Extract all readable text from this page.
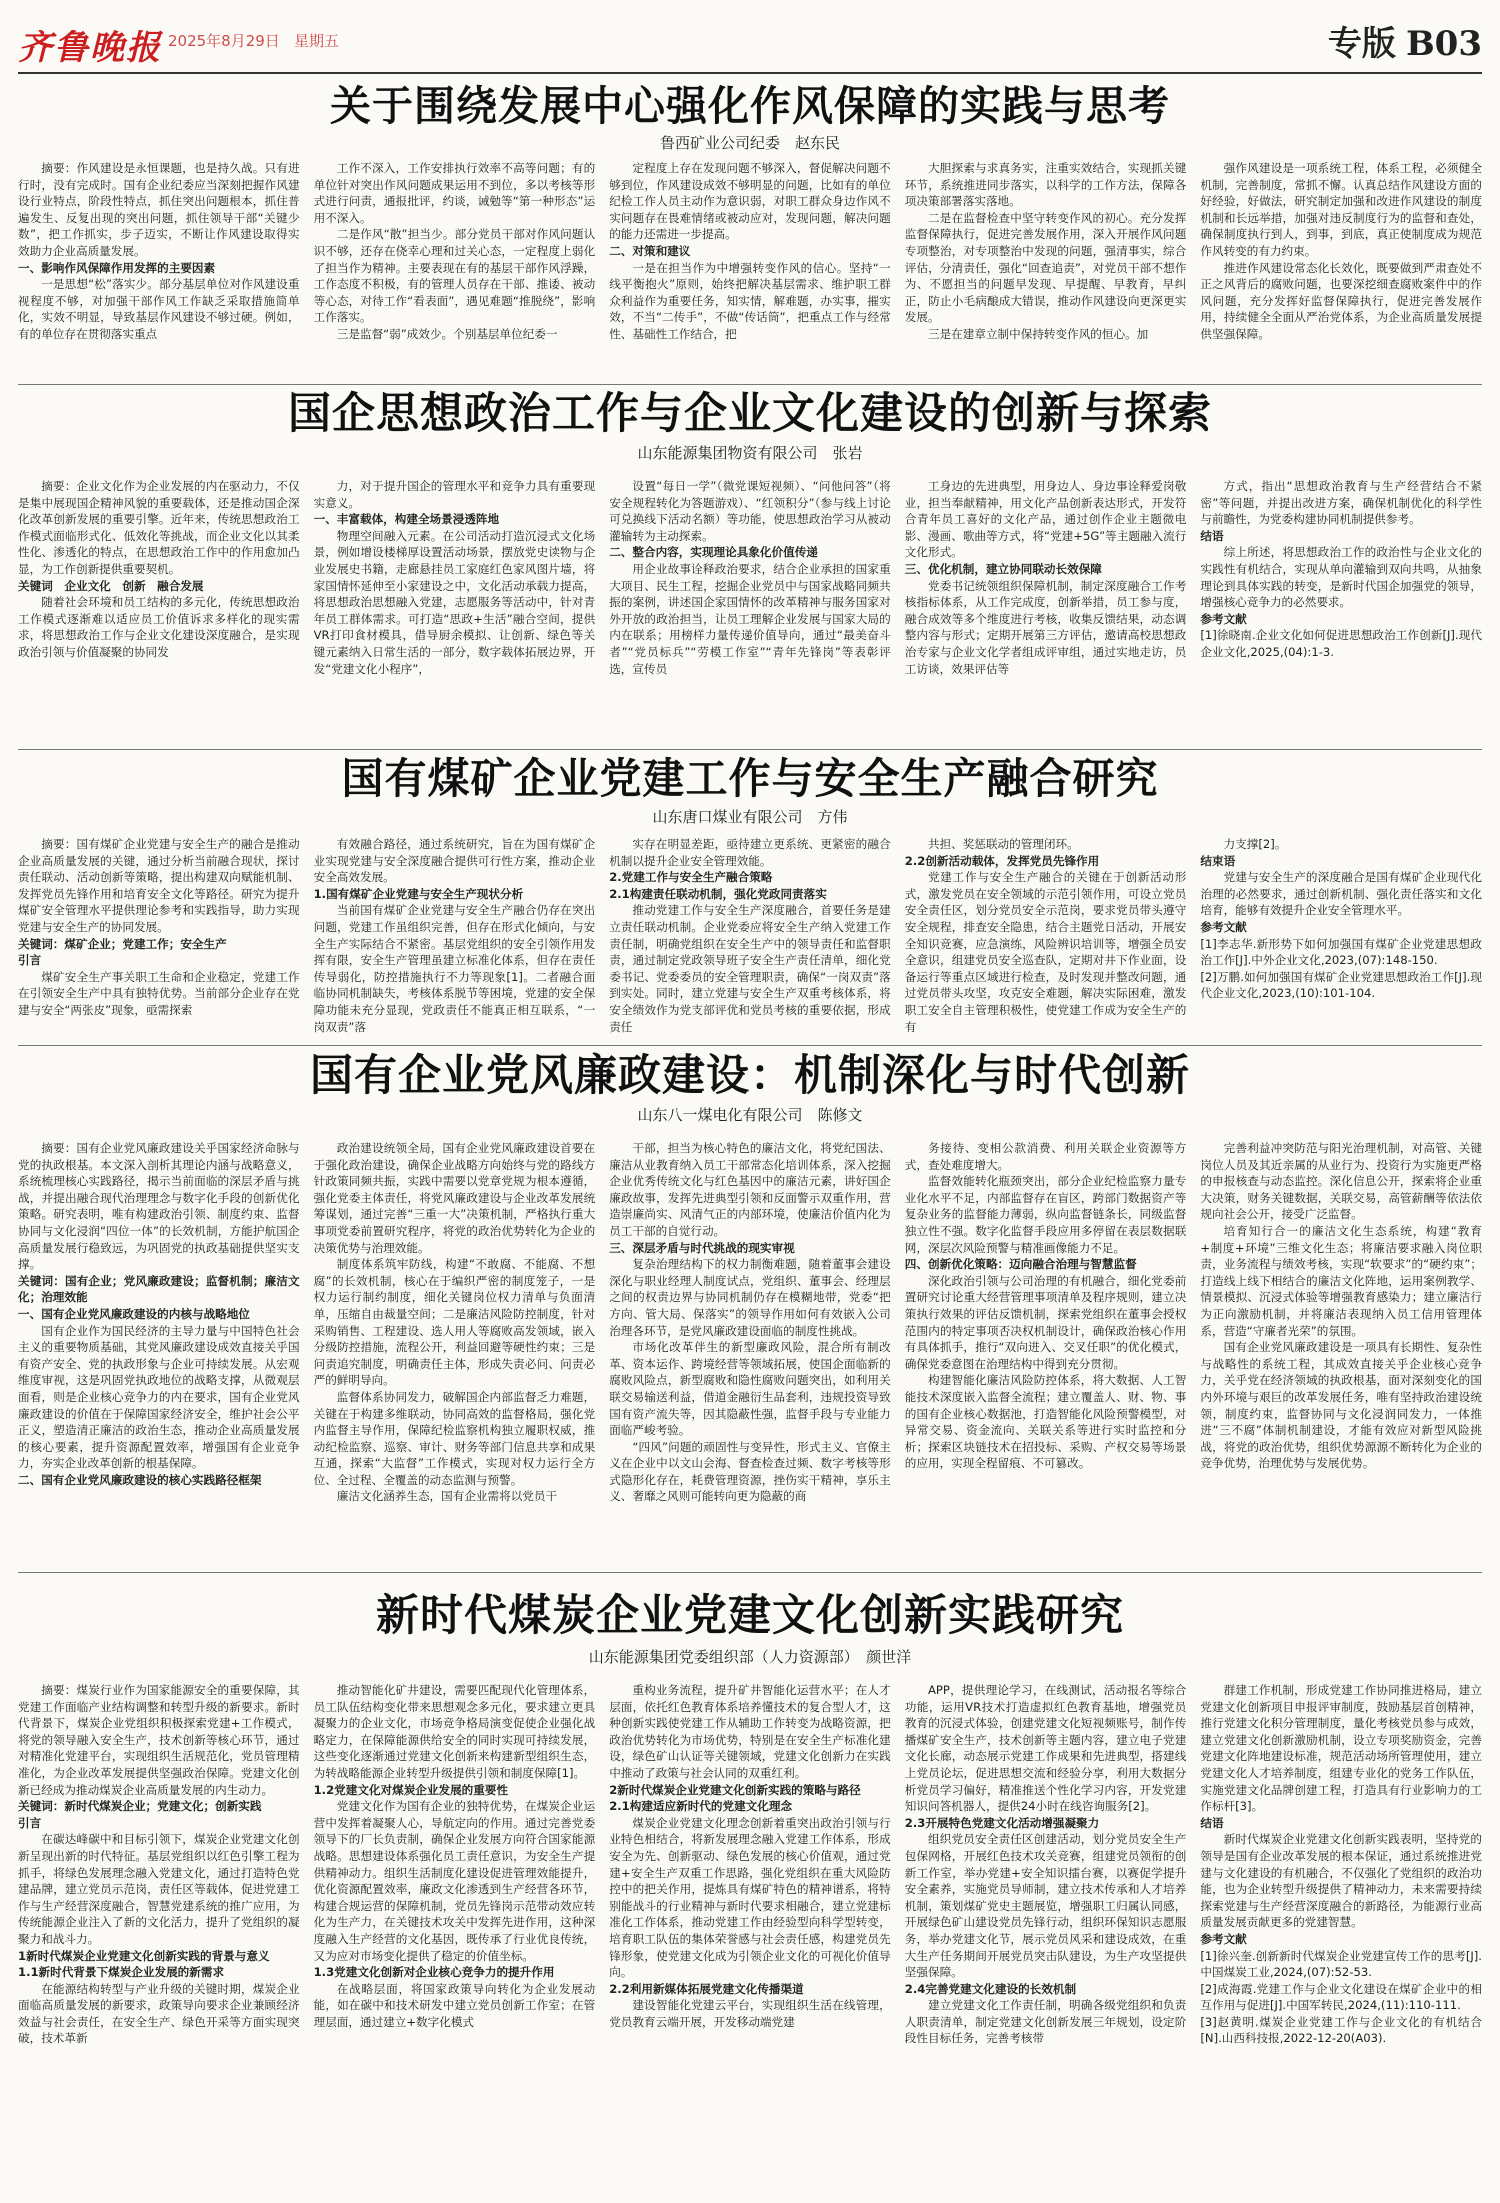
齐鲁晚报 2025年8月29日 星期五	专版 B03
关于围绕发展中心强化作风保障的实践与思考
鲁西矿业公司纪委　赵东民

摘要：作风建设是永恒课题，也是持久战。只有进行时，没有完成时。国有企业纪委应当深刻把握作风建设行业特点，阶段性特点，抓住突出问题根本，抓住普遍发生、反复出现的突出问题，抓住领导干部“关键少数”，把工作抓实，步子迈实，不断让作风建设取得实效助力企业高质量发展。

一、影响作风保障作用发挥的主要因素

一是思想“松”落实少。部分基层单位对作风建设重视程度不够，对加强干部作风工作缺乏采取措施简单化，实效不明显，导致基层作风建设不够过硬。例如，有的单位存在贯彻落实重点

工作不深入，工作安排执行效率不高等问题；有的单位针对突出作风问题成果运用不到位，多以考核等形式进行问责，通报批评，约谈，诫勉等“第一种形态”运用不深入。

二是作风“散”担当少。部分党员干部对作风问题认识不够，还存在侥幸心理和过关心态，一定程度上弱化了担当作为精神。主要表现在有的基层干部作风浮躁，工作态度不积极，有的管理人员存在干部、推诿、被动等心态，对待工作“看表面”，遇见难题“推脱绕”，影响工作落实。

三是监督“弱”成效少。个别基层单位纪委一

定程度上存在发现问题不够深入，督促解决问题不够到位，作风建设成效不够明显的问题，比如有的单位纪检工作人员主动作为意识弱，对职工群众身边作风不实问题存在畏难情绪或被动应对，发现问题，解决问题的能力还需进一步提高。

二、对策和建议

一是在担当作为中增强转变作风的信心。坚持“一线平衡抱火”原则，始终把解决基层需求、维护职工群众利益作为重要任务，知实情，解难题，办实事，摧实效，不当“二传手”，不做“传话筒”，把重点工作与经常性、基础性工作结合，把

大胆探索与求真务实，注重实效结合，实现抓关键环节，系统推进同步落实，以科学的工作方法，保障各项决策部署落实落地。

二是在监督检查中坚守转变作风的初心。充分发挥监督保障执行，促进完善发展作用，深入开展作风问题专项整治，对专项整治中发现的问题，强清事实，综合评估，分清责任，强化“回查追责”，对党员干部不想作为、不愿担当的问题早发现、早提醒、早教育，早纠正，防止小毛病酿成大错误，推动作风建设向更深更实发展。

三是在建章立制中保持转变作风的恒心。加

强作风建设是一项系统工程，体系工程，必须健全机制，完善制度，常抓不懈。认真总结作风建设方面的好经验，好做法，研究制定加强和改进作风建设的制度机制和长远举措，加强对违反制度行为的监督和查处，确保制度执行到人，到事，到底，真正使制度成为规范作风转变的有力约束。

推进作风建设常态化长效化，既要做到严肃查处不正之风背后的腐败问题，也要深挖细查腐败案件中的作风问题，充分发挥好监督保障执行，促进完善发展作用，持续健全全面从严治党体系，为企业高质量发展提供坚强保障。

国企思想政治工作与企业文化建设的创新与探索
山东能源集团物资有限公司　张岩

摘要：企业文化作为企业发展的内在驱动力，不仅是集中展现国企精神风貌的重要载体，还是推动国企深化改革创新发展的重要引擎。近年来，传统思想政治工作模式面临形式化、低效化等挑战，而企业文化以其柔性化、渗透化的特点，在思想政治工作中的作用愈加凸显，为工作创新提供重要契机。

关键词　企业文化　创新　融合发展

随着社会环境和员工结构的多元化，传统思想政治工作模式逐渐难以适应员工价值诉求多样化的现实需求，将思想政治工作与企业文化建设深度融合，是实现政治引领与价值凝聚的协同发

力，对于提升国企的管理水平和竞争力具有重要现实意义。

一、丰富载体，构建全场景浸透阵地

物理空间融入元素。在公司活动打造沉浸式文化场景，例如增设楼梯厚设置活动场景，摆放党史读物与企业发展史书籍，走廊悬挂员工家庭红色家风图片墙，将家国情怀延伸至小家建设之中，文化活动承载力提高，将思想政治思想融入党建，志愿服务等活动中，针对青年员工群体需求。可打造“思政+生活”融合空间，提供VR打印食材模具，借导厨余模拟、让创新、绿色等关键元素纳入日常生活的一部分，数字载体拓展边界，开发“党建文化小程序”，

设置“每日一学”（微党课短视频）、“问他问答”（将安全规程转化为答题游戏）、“红领积分”（参与线上讨论可兑换线下活动名额）等功能，使思想政治学习从被动灌输转为主动探索。

二、整合内容，实现理论具象化价值传递

用企业故事诠释政治要求，结合企业承担的国家重大项目、民生工程，挖掘企业党员中与国家战略同频共振的案例，讲述国企家国情怀的改革精神与服务国家对外开放的政治担当，让员工理解企业发展与国家大局的内在联系；用榜样力量传递价值导向，通过“最美奋斗者”“党员标兵”“劳模工作室”“青年先锋岗”等表彰评选，宣传员

工身边的先进典型，用身边人、身边事诠释爱岗敬业，担当奉献精神，用文化产品创新表达形式，开发符合青年员工喜好的文化产品，通过创作企业主题微电影、漫画、歌曲等方式，将“党建+5G”等主题融入流行文化形式。

三、优化机制，建立协同联动长效保障

党委书记统领组织保障机制，制定深度融合工作考核指标体系，从工作完成度，创新举措，员工参与度，融合成效等多个维度进行考核，收集反馈结果，动态调整内容与形式；定期开展第三方评估，邀请高校思想政治专家与企业文化学者组成评审组，通过实地走访，员工访谈，效果评估等

方式，指出“思想政治教育与生产经营结合不紧密”等问题，并提出改进方案，确保机制优化的科学性与前瞻性，为党委构建协同机制提供参考。

结语

综上所述，将思想政治工作的政治性与企业文化的实践性有机结合，实现从单向灌输到双向共鸣，从抽象理论到具体实践的转变，是新时代国企加强党的领导，增强核心竞争力的必然要求。

参考文献

[1]徐晓南.企业文化如何促进思想政治工作创新[J].现代企业文化,2025,(04):1-3.

国有煤矿企业党建工作与安全生产融合研究
山东唐口煤业有限公司　方伟

摘要：国有煤矿企业党建与安全生产的融合是推动企业高质量发展的关键，通过分析当前融合现状，探讨责任联动、活动创新等策略，提出构建双向赋能机制、发挥党员先锋作用和培育安全文化等路径。研究为提升煤矿安全管理水平提供理论参考和实践指导，助力实现党建与安全生产的协同发展。

关键词：煤矿企业；党建工作；安全生产

引言

煤矿安全生产事关职工生命和企业稳定，党建工作在引领安全生产中具有独特优势。当前部分企业存在党建与安全“两张皮”现象，亟需探索

有效融合路径，通过系统研究，旨在为国有煤矿企业实现党建与安全深度融合提供可行性方案，推动企业安全高效发展。

1.国有煤矿企业党建与安全生产现状分析

当前国有煤矿企业党建与安全生产融合仍存在突出问题，党建工作虽组织完善，但存在形式化倾向，与安全生产实际结合不紧密。基层党组织的安全引领作用发挥有限，安全生产管理虽建立标准化体系，但存在责任传导弱化，防控措施执行不力等现象[1]。二者融合面临协同机制缺失，考核体系脱节等困境，党建的安全保障功能未充分显现，党政责任不能真正相互联系，“一岗双责”落

实存在明显差距，亟待建立更系统、更紧密的融合机制以提升企业安全管理效能。

2.党建工作与安全生产融合策略

2.1构建责任联动机制，强化党政同责落实

推动党建工作与安全生产深度融合，首要任务是建立责任联动机制。企业党委应将安全生产纳入党建工作责任制，明确党组织在安全生产中的领导责任和监督职责，通过制定党政领导班子安全生产责任清单，细化党委书记、党委委员的安全管理职责，确保“一岗双责”落到实处。同时，建立党建与安全生产双重考核体系，将安全绩效作为党支部评优和党员考核的重要依据，形成责任

共担、奖惩联动的管理闭环。

2.2创新活动载体，发挥党员先锋作用

党建工作与安全生产融合的关键在于创新活动形式，激发党员在安全领域的示范引领作用，可设立党员安全责任区，划分党员安全示范岗，要求党员带头遵守安全规程，排查安全隐患，结合主题党日活动，开展安全知识竞赛，应急演练，风险辨识培训等，增强全员安全意识，组建党员安全巡查队，定期对井下作业面，设备运行等重点区域进行检查，及时发现并整改问题，通过党员带头攻坚，攻克安全难题，解决实际困难，激发职工安全自主管理积极性，使党建工作成为安全生产的有

力支撑[2]。

结束语

党建与安全生产的深度融合是国有煤矿企业现代化治理的必然要求，通过创新机制、强化责任落实和文化培育，能够有效提升企业安全管理水平。

参考文献

[1]李志华.新形势下如何加强国有煤矿企业党建思想政治工作[J].中外企业文化,2023,(07):148-150.

[2]万鹏.如何加强国有煤矿企业党建思想政治工作[J].现代企业文化,2023,(10):101-104.

国有企业党风廉政建设：机制深化与时代创新
山东八一煤电化有限公司　陈修文

摘要：国有企业党风廉政建设关乎国家经济命脉与党的执政根基。本文深入剖析其理论内涵与战略意义，系统梳理核心实践路径，揭示当前面临的深层矛盾与挑战，并提出融合现代治理理念与数字化手段的创新优化策略。研究表明，唯有构建政治引领、制度约束、监督协同与文化浸润“四位一体”的长效机制，方能护航国企高质量发展行稳致远，为巩固党的执政基础提供坚实支撑。

关键词：国有企业；党风廉政建设；监督机制；廉洁文化；治理效能

一、国有企业党风廉政建设的内核与战略地位

国有企业作为国民经济的主导力量与中国特色社会主义的重要物质基础，其党风廉政建设成效直接关乎国有资产安全、党的执政形象与企业可持续发展。从宏观维度审视，这是巩固党执政地位的战略支撑，从微观层面看，则是企业核心竞争力的内在要求，国有企业党风廉政建设的价值在于保障国家经济安全，维护社会公平正义，塑造清正廉洁的政治生态，推动企业高质量发展的核心要素，提升资源配置效率，增强国有企业竞争力，夯实企业改革创新的根基保障。

二、国有企业党风廉政建设的核心实践路径框架

政治建设统领全局，国有企业党风廉政建设首要在于强化政治建设，确保企业战略方向始终与党的路线方针政策同频共振，实践中需要以党章党规为根本遵循，强化党委主体责任，将党风廉政建设与企业改革发展统筹谋划，通过完善“三重一大”决策机制，严格执行重大事项党委前置研究程序，将党的政治优势转化为企业的决策优势与治理效能。

制度体系筑牢防线，构建“不敢腐、不能腐、不想腐”的长效机制，核心在于编织严密的制度笼子，一是权力运行制约制度，细化关键岗位权力清单与负面清单，压缩自由裁量空间；二是廉洁风险防控制度，针对采购销售、工程建设、选人用人等腐败高发领域，嵌入分级防控措施，流程公开，利益回避等硬性约束；三是问责追究制度，明确责任主体，形成失责必问、问责必严的鲜明导向。

监督体系协同发力，破解国企内部监督乏力难题，关键在于构建多维联动，协同高效的监督格局，强化党内监督主导作用，保障纪检监察机构独立履职权威，推动纪检监察、巡察、审计、财务等部门信息共享和成果互通，探索“大监督”工作模式，实现对权力运行全方位、全过程、全覆盖的动态监测与预警。

廉洁文化涵养生态，国有企业需将以党员干

干部，担当为核心特色的廉洁文化，将党纪国法、廉洁从业教育纳入员工干部常态化培训体系，深入挖掘企业优秀传统文化与红色基因中的廉洁元素，讲好国企廉政故事，发挥先进典型引领和反面警示双重作用，营造崇廉尚实、风清气正的内部环境，使廉洁价值内化为员工干部的自觉行动。

三、深层矛盾与时代挑战的现实审视

复杂治理结构下的权力制衡难题，随着董事会建设深化与职业经理人制度试点，党组织、董事会、经理层之间的权责边界与协同机制仍存在模糊地带，党委“把方向、管大局、保落实”的领导作用如何有效嵌入公司治理各环节，是党风廉政建设面临的制度性挑战。

市场化改革伴生的新型廉政风险，混合所有制改革、资本运作、跨境经营等领域拓展，使国企面临新的腐败风险点，新型腐败和隐性腐败问题突出，如利用关联交易输送利益，借道金融衍生品套利，违规投资导致国有资产流失等，因其隐蔽性强，监督手段与专业能力面临严峻考验。

“四风”问题的顽固性与变异性，形式主义、官僚主义在企业中以文山会海、督查检查过频、数字考核等形式隐形化存在，耗费管理资源，挫伤实干精神，享乐主义、奢靡之风则可能转向更为隐蔽的商

务接待、变相公款消费、利用关联企业资源等方式，查处难度增大。

监督效能转化瓶颈突出，部分企业纪检监察力量专业化水平不足，内部监督存在盲区，跨部门数据资产等复杂业务的监督能力薄弱，纵向监督链条长，同级监督独立性不强。数字化监督手段应用多停留在表层数据联网，深层次风险预警与精准画像能力不足。

四、创新优化策略：迈向融合治理与智慧监督

深化政治引领与公司治理的有机融合，细化党委前置研究讨论重大经营管理事项清单及程序规则，建立决策执行效果的评估反馈机制，探索党组织在董事会授权范围内的特定事项否决权机制设计，确保政治核心作用有具体抓手，推行“双向进入、交叉任职”的优化模式，确保党委意图在治理结构中得到充分贯彻。

构建智能化廉洁风险防控体系，将大数据、人工智能技术深度嵌入监督全流程；建立覆盖人、财、物、事的国有企业核心数据池，打造智能化风险预警模型，对异常交易、资金流向、关联关系等进行实时监控和分析；探索区块链技术在招投标、采购、产权交易等场景的应用，实现全程留痕、不可篡改。

完善利益冲突防范与阳光治理机制，对高管、关键岗位人员及其近亲属的从业行为、投资行为实施更严格的申报核查与动态监控。深化信息公开，探索将企业重大决策，财务关键数据，关联交易，高管薪酬等依法依规向社会公开，接受广泛监督。

培育知行合一的廉洁文化生态系统，构建“教育+制度+环境”三维文化生态；将廉洁要求融入岗位职责，业务流程与绩效考核，实现“软要求”的“硬约束”；打造线上线下相结合的廉洁文化阵地，运用案例教学、情景模拟、沉浸式体验等增强教育感染力；建立廉洁行为正向激励机制，并将廉洁表现纳入员工信用管理体系，营造“守廉者光荣”的氛围。

国有企业党风廉政建设是一项具有长期性、复杂性与战略性的系统工程，其成效直接关乎企业核心竞争力，关乎党在经济领域的执政根基，面对深刻变化的国内外环境与艰巨的改革发展任务，唯有坚持政治建设统领，制度约束，监督协同与文化浸润同发力，一体推进“三不腐”体制机制建设，才能有效应对新型风险挑战，将党的政治优势，组织优势源源不断转化为企业的竞争优势，治理优势与发展优势。

新时代煤炭企业党建文化创新实践研究
山东能源集团党委组织部（人力资源部）　颜世洋

摘要：煤炭行业作为国家能源安全的重要保障，其党建工作面临产业结构调整和转型升级的新要求。新时代背景下，煤炭企业党组织积极探索党建+工作模式，将党的领导融入安全生产，技术创新等核心环节，通过对精准化党建平台，实现组织生活规范化，党员管理精准化，为企业改革发展提供坚强政治保障。党建文化创新已经成为推动煤炭企业高质量发展的内生动力。

关键词：新时代煤炭企业；党建文化；创新实践

引言

在碳达峰碳中和目标引领下，煤炭企业党建文化创新呈现出新的时代特征。基层党组织以红色引擎工程为抓手，将绿色发展理念融入党建文化，通过打造特色党建品牌，建立党员示范岗，责任区等载体，促进党建工作与生产经营深度融合，智慧党建系统的推广应用，为传统能源企业注入了新的文化活力，提升了党组织的凝聚力和战斗力。

1新时代煤炭企业党建文化创新实践的背景与意义

1.1新时代背景下煤炭企业发展的新需求

在能源结构转型与产业升级的关键时期，煤炭企业面临高质量发展的新要求，政策导向要求企业兼顾经济效益与社会责任，在安全生产、绿色开采等方面实现突破，技术革新

推动智能化矿井建设，需要匹配现代化管理体系，员工队伍结构变化带来思想观念多元化，要求建立更具凝聚力的企业文化，市场竞争格局演变促使企业强化战略定力，在保障能源供给安全的同时实现可持续发展，这些变化逐渐通过党建文化创新来构建新型组织生态，为转战略能源企业转型升级提供引领和制度保障[1]。

1.2党建文化对煤炭企业发展的重要性

党建文化作为国有企业的独特优势，在煤炭企业运营中发挥着凝聚人心，导航定向的作用。通过完善党委领导下的厂长负责制，确保企业发展方向符合国家能源战略。思想建设体系强化员工责任意识，为安全生产提供精神动力。组织生活制度化建设促进管理效能提升，优化资源配置效率，廉政文化渗透到生产经营各环节，构建合规运营的保障机制，党员先锋岗示范带动效应转化为生产力，在关键技术攻关中发挥先进作用，这种深度融入生产经营的文化基因，既传承了行业优良传统，又为应对市场变化提供了稳定的价值坐标。

1.3党建文化创新对企业核心竞争力的提升作用

在战略层面，将国家政策导向转化为企业发展动能，如在碳中和技术研发中建立党员创新工作室；在管理层面，通过建立+数字化模式

重构业务流程，提升矿井智能化运营水平；在人才层面，依托红色教育体系培养懂技术的复合型人才，这种创新实践使党建工作从辅助工作转变为战略资源，把政治优势转化为市场优势，特别是在安全生产标准化建设，绿色矿山认证等关键领域，党建文化创新力在实践中推动了政策与社会认同的双重红利。

2新时代煤炭企业党建文化创新实践的策略与路径

2.1构建适应新时代的党建文化理念

煤炭企业党建文化理念创新着重突出政治引领与行业特色相结合，将新发展理念融入党建工作体系，形成安全为先、创新驱动、绿色发展的核心价值观，通过党建+安全生产双重工作思路，强化党组织在重大风险防控中的把关作用，提炼具有煤矿特色的精神谱系，将特别能战斗的行业精神与新时代要求相融合，建立党建标准化工作体系，推动党建工作由经验型向科学型转变，培育职工队伍的集体荣誉感与社会责任感，构建党员先锋形象，使党建文化成为引领企业文化的可视化价值导向。

2.2利用新媒体拓展党建文化传播渠道

建设智能化党建云平台，实现组织生活在线管理，党员教育云端开展，开发移动端党建

APP，提供理论学习，在线测试，活动报名等综合功能，运用VR技术打造虚拟红色教育基地，增强党员教育的沉浸式体验，创建党建文化短视频账号，制作传播煤矿安全生产，技术创新等主题内容，建立电子党建文化长廊，动态展示党建工作成果和先进典型，搭建线上党员论坛，促进思想交流和经验分享，利用大数据分析党员学习偏好，精准推送个性化学习内容，开发党建知识问答机器人，提供24小时在线咨询服务[2]。

2.3开展特色党建文化活动增强凝聚力

组织党员安全责任区创建活动，划分党员安全生产包保网格，开展红色技术攻关竞赛，组建党员领衔的创新工作室，举办党建+安全知识擂台赛，以赛促学提升安全素养，实施党员导师制，建立技术传承和人才培养机制，策划煤矿党史主题展览，增强职工归属认同感，开展绿色矿山建设党员先锋行动，组织环保知识志愿服务，举办党建文化节，展示党员风采和建设成效，在重大生产任务期间开展党员突击队建设，为生产攻坚提供坚强保障。

2.4完善党建文化建设的长效机制

建立党建文化工作责任制，明确各级党组织和负责人职责清单，制定党建文化创新发展三年规划，设定阶段性目标任务，完善考核带

群建工作机制，形成党建工作协同推进格局，建立党建文化创新项目申报评审制度，鼓励基层首创精神，推行党建文化积分管理制度，量化考核党员参与成效，建立党建文化创新激励机制，设立专项奖励资金，完善党建文化阵地建设标准，规范活动场所管理使用，建立党建文化人才培养制度，组建专业化的党务工作队伍，实施党建文化品牌创建工程，打造具有行业影响力的工作标杆[3]。

结语

新时代煤炭企业党建文化创新实践表明，坚持党的领导是国有企业改革发展的根本保证，通过系统推进党建与文化建设的有机融合，不仅强化了党组织的政治功能，也为企业转型升级提供了精神动力，未来需要持续探索党建与生产经营深度融合的新路径，为能源行业高质量发展贡献更多的党建智慧。

参考文献

[1]徐兴奎.创新新时代煤炭企业党建宣传工作的思考[J].中国煤炭工业,2024,(07):52-53.

[2]成海霞.党建工作与企业文化建设在煤矿企业中的相互作用与促进[J].中国军转民,2024,(11):110-111.

[3]赵黄明.煤炭企业党建工作与企业文化的有机结合[N].山西科技报,2022-12-20(A03).
